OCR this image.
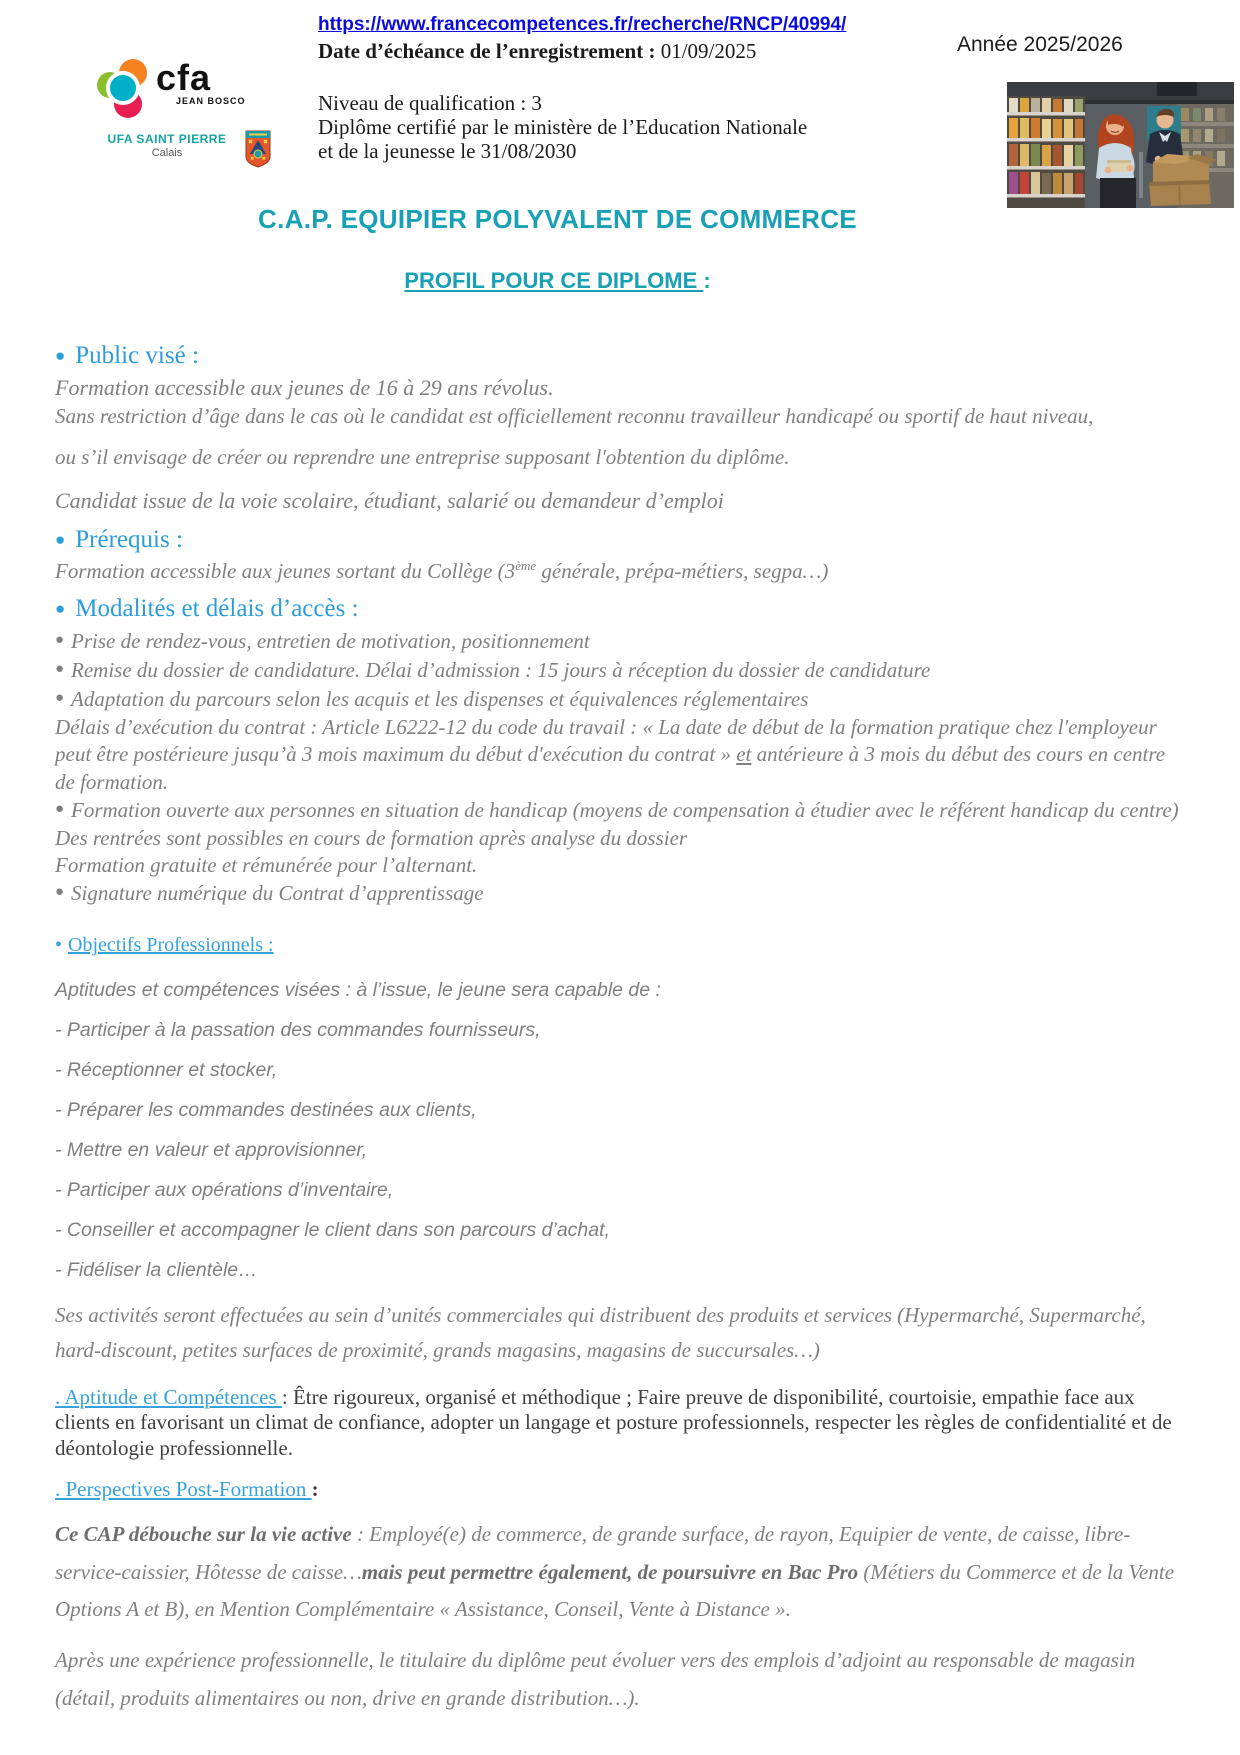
cfa
JEAN BOSCO
UFA SAINT PIERRE
Calais
https://www.francecompetences.fr/recherche/RNCP/40994/
Date d’échéance de l’enregistrement : 01/09/2025
Niveau de qualification : 3
Diplôme certifié par le ministère de l’Education Nationale
et de la jeunesse le 31/08/2030
Année 2025/2026
C.A.P. EQUIPIER POLYVALENT DE COMMERCE
PROFIL POUR CE DIPLOME :
● Public visé :
Formation accessible aux jeunes de 16 à 29 ans révolus.
Sans restriction d’âge dans le cas où le candidat est officiellement reconnu travailleur handicapé ou sportif de haut niveau,
ou s’il envisage de créer ou reprendre une entreprise supposant l'obtention du diplôme.
Candidat issue de la voie scolaire, étudiant, salarié ou demandeur d’emploi
● Prérequis :
Formation accessible aux jeunes sortant du Collège (3ème générale, prépa-métiers, segpa…)
● Modalités et délais d’accès :
● Prise de rendez-vous, entretien de motivation, positionnement
● Remise du dossier de candidature. Délai d’admission : 15 jours à réception du dossier de candidature
● Adaptation du parcours selon les acquis et les dispenses et équivalences réglementaires
Délais d’exécution du contrat : Article L6222-12 du code du travail : « La date de début de la formation pratique chez l'employeur peut être postérieure jusqu’à 3 mois maximum du début d'exécution du contrat » et antérieure à 3 mois du début des cours en centre de formation.
● Formation ouverte aux personnes en situation de handicap (moyens de compensation à étudier avec le référent handicap du centre)
Des rentrées sont possibles en cours de formation après analyse du dossier
Formation gratuite et rémunérée pour l’alternant.
● Signature numérique du Contrat d’apprentissage
• Objectifs Professionnels :
Aptitudes et compétences visées : à l’issue, le jeune sera capable de :
- Participer à la passation des commandes fournisseurs,
- Réceptionner et stocker,
- Préparer les commandes destinées aux clients,
- Mettre en valeur et approvisionner,
- Participer aux opérations d’inventaire,
- Conseiller et accompagner le client dans son parcours d’achat,
- Fidéliser la clientèle…
Ses activités seront effectuées au sein d’unités commerciales qui distribuent des produits et services (Hypermarché, Supermarché, hard-discount, petites surfaces de proximité, grands magasins, magasins de succursales…)
. Aptitude et Compétences : Être rigoureux, organisé et méthodique ; Faire preuve de disponibilité, courtoisie, empathie face aux clients en favorisant un climat de confiance, adopter un langage et posture professionnels, respecter les règles de confidentialité et de déontologie professionnelle.
. Perspectives Post-Formation :
Ce CAP débouche sur la vie active : Employé(e) de commerce, de grande surface, de rayon, Equipier de vente, de caisse, libre-service-caissier, Hôtesse de caisse…mais peut permettre également, de poursuivre en Bac Pro (Métiers du Commerce et de la Vente Options A et B), en Mention Complémentaire « Assistance, Conseil, Vente à Distance ».
Après une expérience professionnelle, le titulaire du diplôme peut évoluer vers des emplois d’adjoint au responsable de magasin (détail, produits alimentaires ou non, drive en grande distribution…).
